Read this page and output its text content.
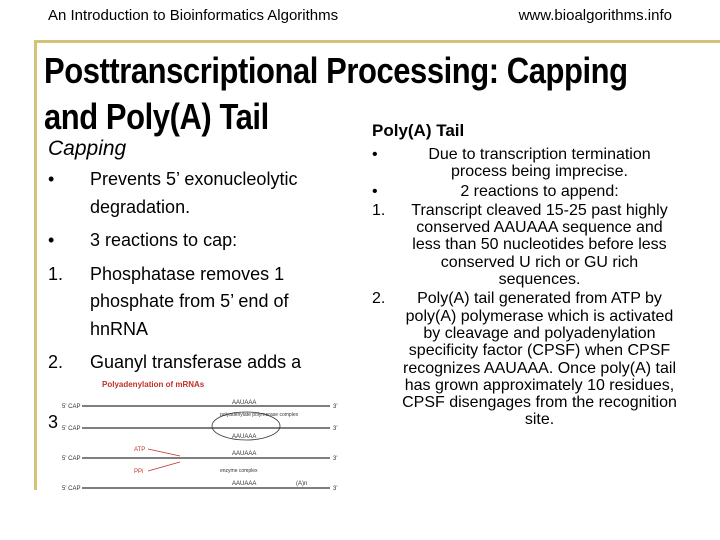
An Introduction to Bioinformatics Algorithms	www.bioalgorithms.info
Posttranscriptional Processing: Capping
and Poly(A) Tail
Capping
•	Prevents 5’ exonucleolytic degradation.
•	3 reactions to cap:
1.	Phosphatase removes 1 phosphate from 5’ end of hnRNA
2.	Guanyl transferase adds a
3
Polyadenylation of mRNAs
5' CAP
AAUAAA
3'
5' CAP
polyadenylate polymerase complex
AAUAAA
3'
5' CAP
ATP
PPi	enzyme complex
AAUAAA
3'
5' CAP
AAUAAA	(A)n
3'
Poly(A) Tail
•	Due to transcription termination process being imprecise.
•	2 reactions to append:
1.	Transcript cleaved 15-25 past highly conserved AAUAAA sequence and less than 50 nucleotides before less conserved U rich or GU rich sequences.
2.	Poly(A) tail generated from ATP by poly(A) polymerase which is activated by cleavage and polyadenylation specificity factor (CPSF) when CPSF recognizes AAUAAA. Once poly(A) tail has grown approximately 10 residues, CPSF disengages from the recognition site.
